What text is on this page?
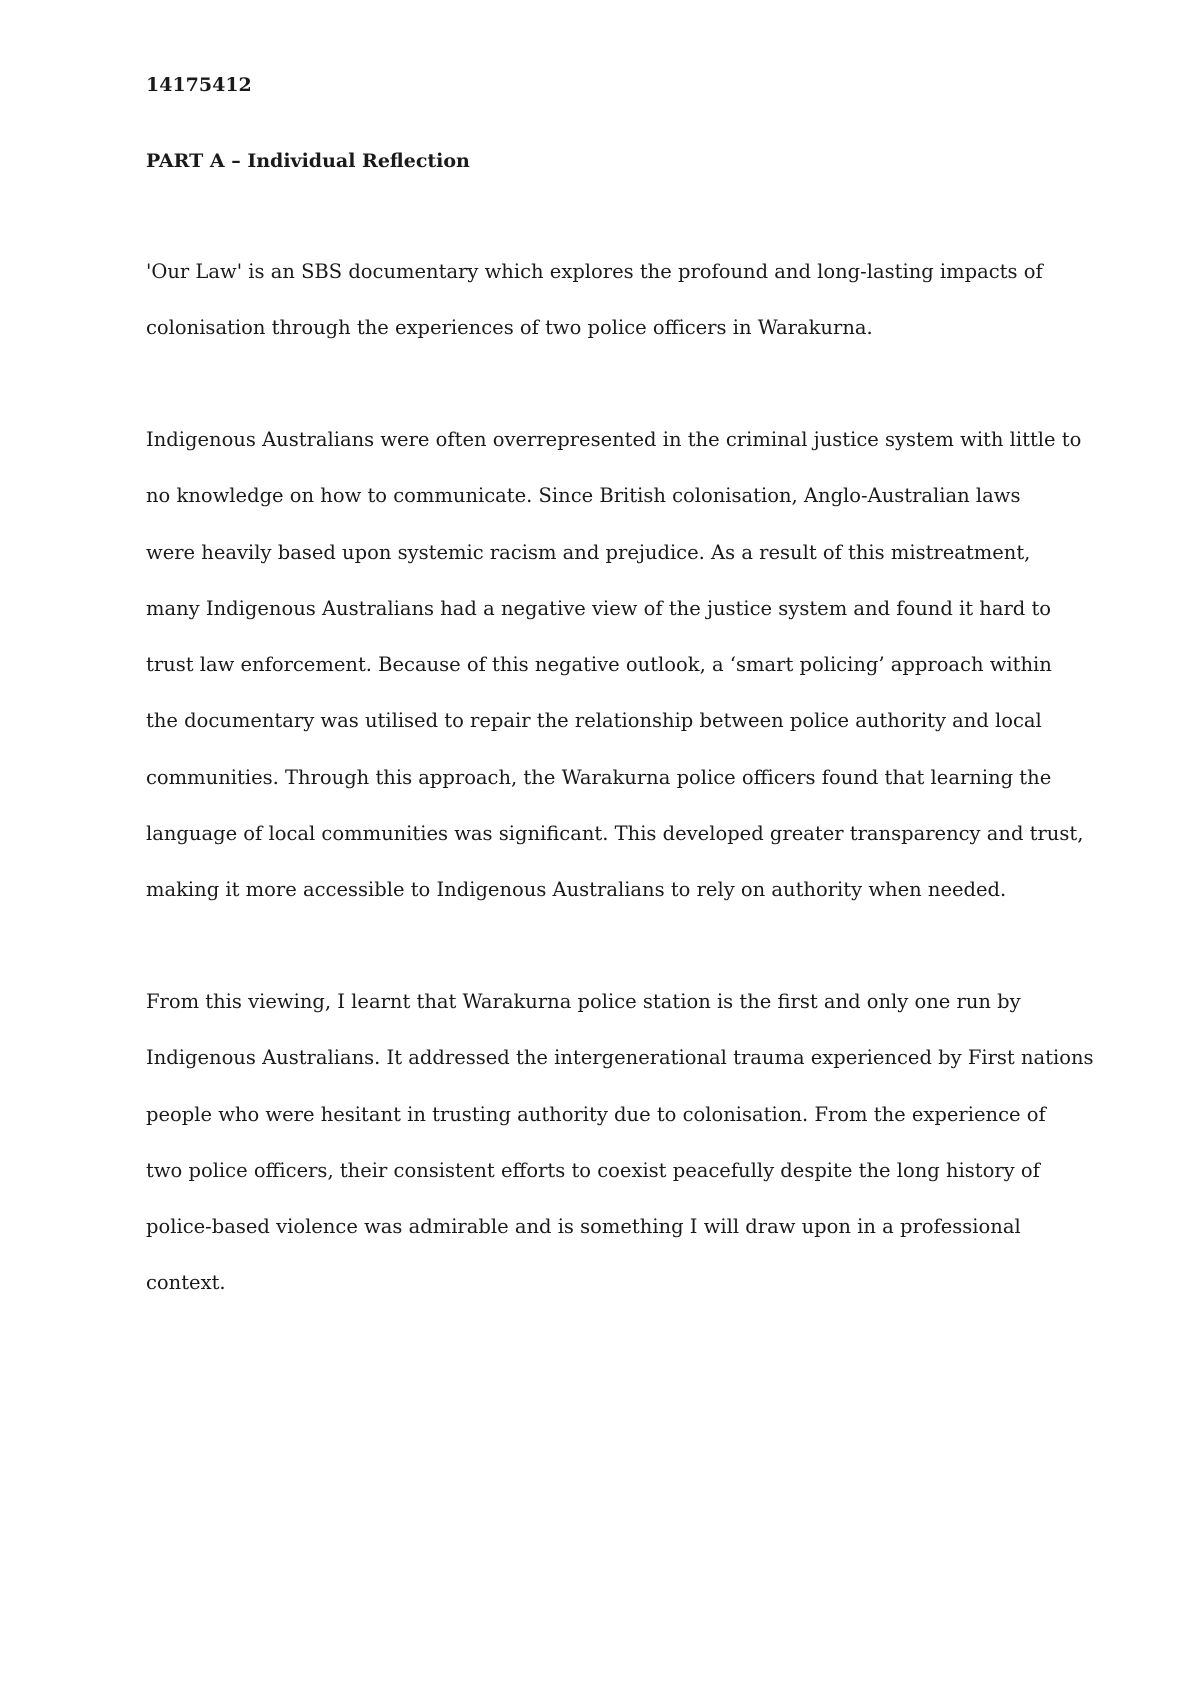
14175412
PART A – Individual Reflection
'Our Law' is an SBS documentary which explores the profound and long-lasting impacts of
colonisation through the experiences of two police officers in Warakurna.
Indigenous Australians were often overrepresented in the criminal justice system with little to
no knowledge on how to communicate. Since British colonisation, Anglo-Australian laws
were heavily based upon systemic racism and prejudice. As a result of this mistreatment,
many Indigenous Australians had a negative view of the justice system and found it hard to
trust law enforcement. Because of this negative outlook, a ‘smart policing’ approach within
the documentary was utilised to repair the relationship between police authority and local
communities. Through this approach, the Warakurna police officers found that learning the
language of local communities was significant. This developed greater transparency and trust,
making it more accessible to Indigenous Australians to rely on authority when needed.
From this viewing, I learnt that Warakurna police station is the first and only one run by
Indigenous Australians. It addressed the intergenerational trauma experienced by First nations
people who were hesitant in trusting authority due to colonisation. From the experience of
two police officers, their consistent efforts to coexist peacefully despite the long history of
police-based violence was admirable and is something I will draw upon in a professional
context.
